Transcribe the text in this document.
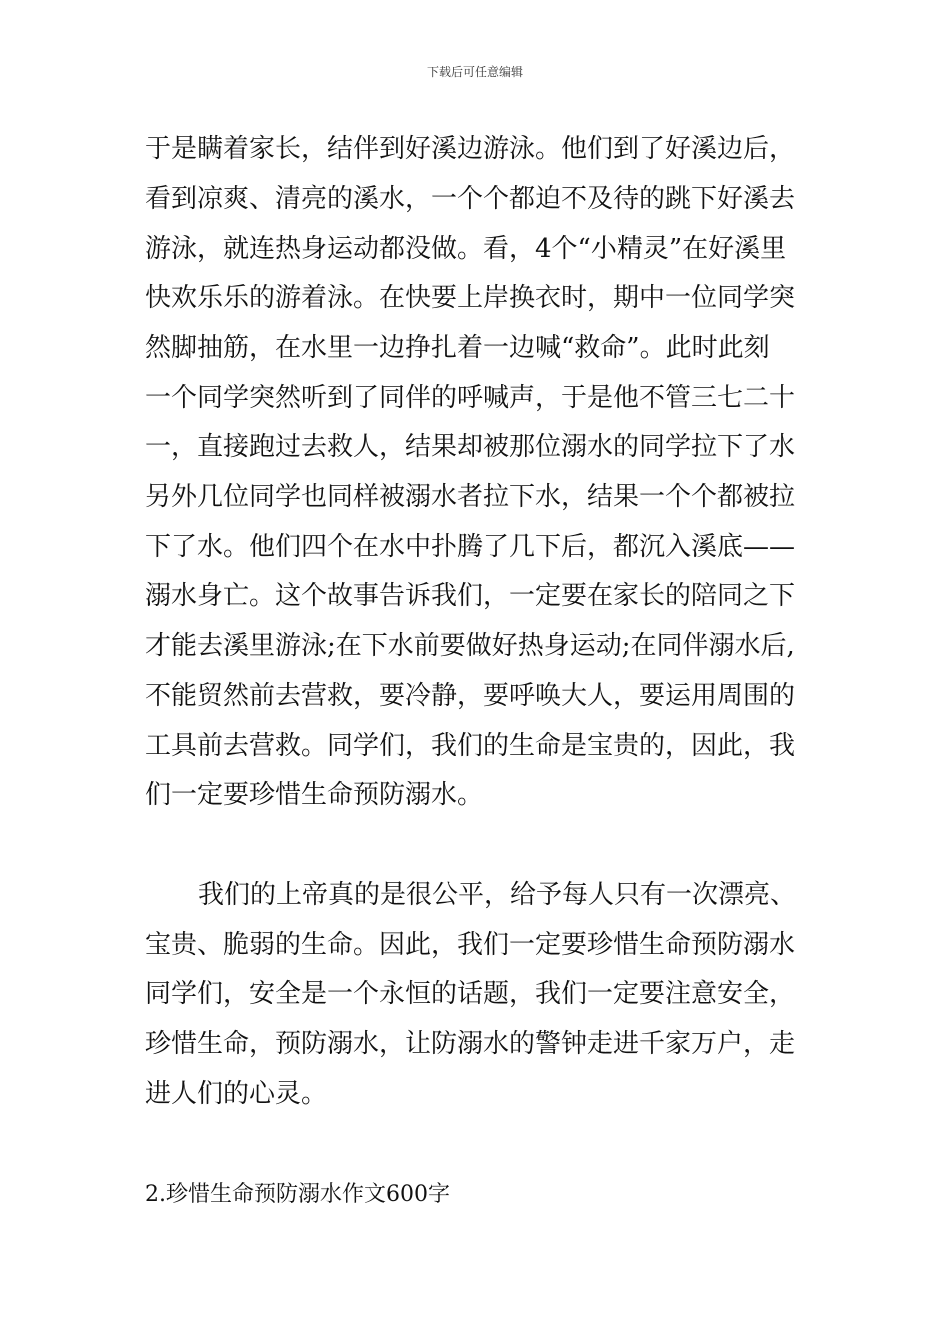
下载后可任意编辑
于是瞒着家长，结伴到好溪边游泳。他们到了好溪边后，
看到凉爽、清亮的溪水，一个个都迫不及待的跳下好溪去
游泳，就连热身运动都没做。看，4个“小精灵”在好溪里
快欢乐乐的游着泳。在快要上岸换衣时，期中一位同学突
然脚抽筋，在水里一边挣扎着一边喊“救命”。此时此刻
一个同学突然听到了同伴的呼喊声，于是他不管三七二十
一，直接跑过去救人，结果却被那位溺水的同学拉下了水
另外几位同学也同样被溺水者拉下水，结果一个个都被拉
下了水。他们四个在水中扑腾了几下后，都沉入溪底——
溺水身亡。这个故事告诉我们，一定要在家长的陪同之下
才能去溪里游泳;在下水前要做好热身运动;在同伴溺水后,
不能贸然前去营救，要冷静，要呼唤大人，要运用周围的
工具前去营救。同学们，我们的生命是宝贵的，因此，我
们一定要珍惜生命预防溺水。
我们的上帝真的是很公平，给予每人只有一次漂亮、
宝贵、脆弱的生命。因此，我们一定要珍惜生命预防溺水
同学们，安全是一个永恒的话题，我们一定要注意安全，
珍惜生命，预防溺水，让防溺水的警钟走进千家万户，走
进人们的心灵。
2.珍惜生命预防溺水作文600字
